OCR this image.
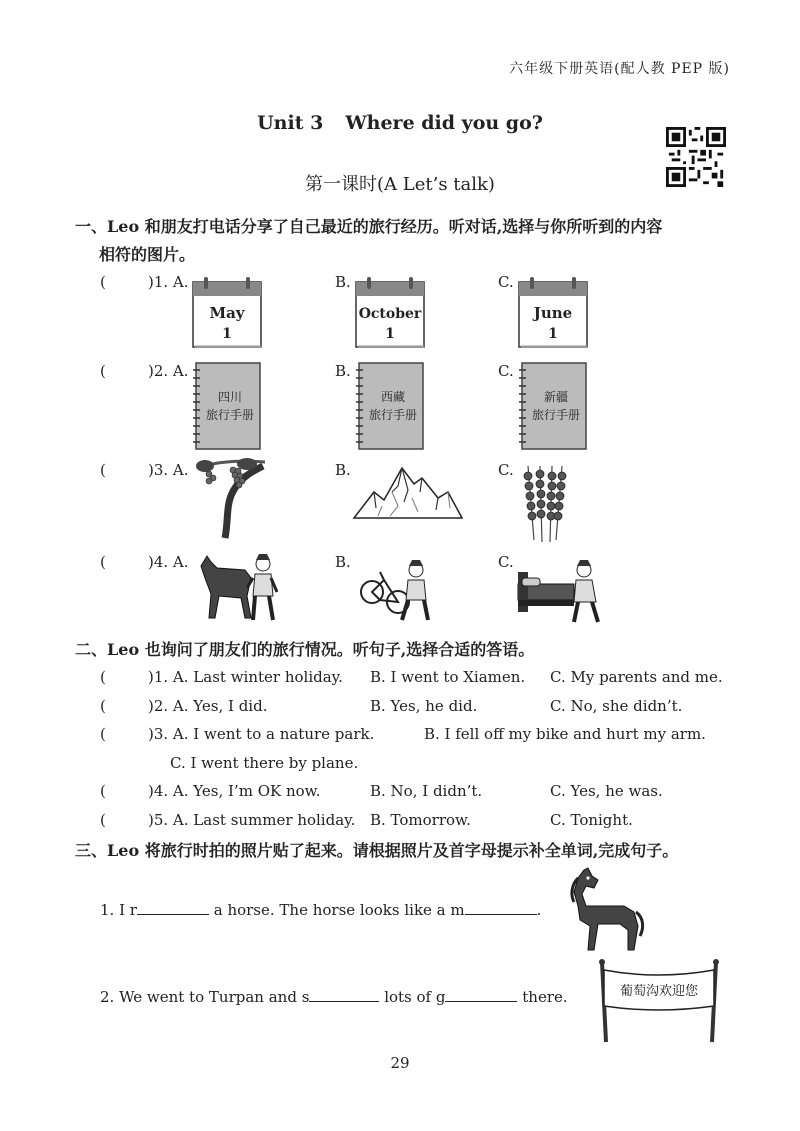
六年级下册英语(配人教 PEP 版)
Unit 3 Where did you go?
第一课时(A Let’s talk)
一、Leo 和朋友打电话分享了自己最近的旅行经历。听对话,选择与你所听到的内容
相符的图片。
(	)1. A.	B.	C.
May
1
October
1
June
1
(	)2. A.	B.	C.
四川
旅行手册
西藏
旅行手册
新疆
旅行手册
(	)3. A.	B.	C.
(	)4. A.	B.	C.
二、Leo 也询问了朋友们的旅行情况。听句子,选择合适的答语。
(	)1. A. Last winter holiday. B. I went to Xiamen. C. My parents and me.
(	)2. A. Yes, I did.	B. Yes, he did.	C. No, she didn’t.
(	)3. A. I went to a nature park.	B. I fell off my bike and hurt my arm.
C. I went there by plane.
(	)4. A. Yes, I’m OK now.	B. No, I didn’t.	C. Yes, he was.
(	)5. A. Last summer holiday. B. Tomorrow.	C. Tonight.
三、Leo 将旅行时拍的照片贴了起来。请根据照片及首字母提示补全单词,完成句子。
1. I r	a horse. The horse looks like a m	.
2. We went to Turpan and s	lots of g	there.	葡萄沟欢迎您
29
